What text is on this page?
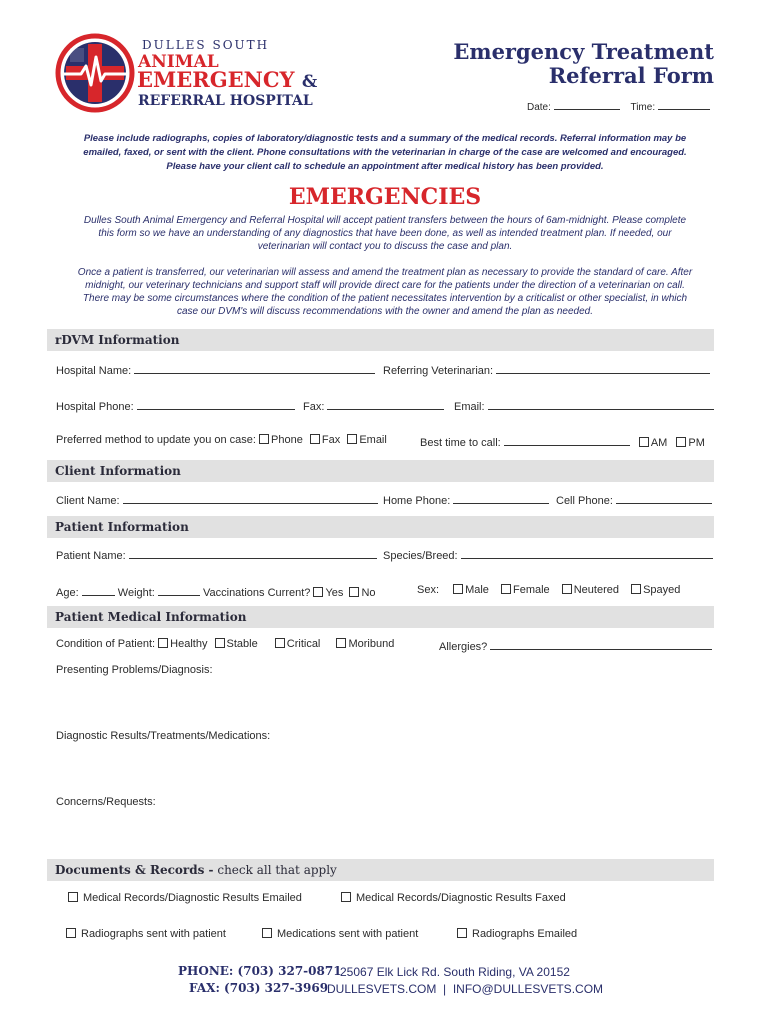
DULLES SOUTH
ANIMAL
EMERGENCY &
REFERRAL HOSPITAL
Emergency Treatment
Referral Form
Date:	Time:
Please include radiographs, copies of laboratory/diagnostic tests and a summary of the medical records. Referral information may be
emailed, faxed, or sent with the client. Phone consultations with the veterinarian in charge of the case are welcomed and encouraged.
Please have your client call to schedule an appointment after medical history has been provided.
EMERGENCIES
Dulles South Animal Emergency and Referral Hospital will accept patient transfers between the hours of 6am-midnight. Please complete
this form so we have an understanding of any diagnostics that have been done, as well as intended treatment plan. If needed, our
veterinarian will contact you to discuss the case and plan.
Once a patient is transferred, our veterinarian will assess and amend the treatment plan as necessary to provide the standard of care. After
midnight, our veterinary technicians and support staff will provide direct care for the patients under the direction of a veterinarian on call.
There may be some circumstances where the condition of the patient necessitates intervention by a criticalist or other specialist, in which
case our DVM's will discuss recommendations with the owner and amend the plan as needed.
rDVM Information
Hospital Name:	Referring Veterinarian:
Hospital Phone:	Fax:	Email:
Preferred method to update you on case: Phone Fax Email	Best time to call:	AM PM
Client Information
Client Name:	Home Phone:	Cell Phone:
Patient Information
Patient Name:	Species/Breed:
Age:	Weight:	Vaccinations Current? Yes No	Sex: Male Female Neutered Spayed
Patient Medical Information
Condition of Patient: Healthy Stable	Critical	Moribund	Allergies?
Presenting Problems/Diagnosis:
Diagnostic Results/Treatments/Medications:
Concerns/Requests:
Documents & Records - check all that apply
Medical Records/Diagnostic Results Emailed	Medical Records/Diagnostic Results Faxed
Radiographs sent with patient	Medications sent with patient	Radiographs Emailed
PHONE: (703) 327-0871
FAX: (703) 327-3969
25067 Elk Lick Rd. South Riding, VA 20152
DULLESVETS.COM  |  INFO@DULLESVETS.COM
